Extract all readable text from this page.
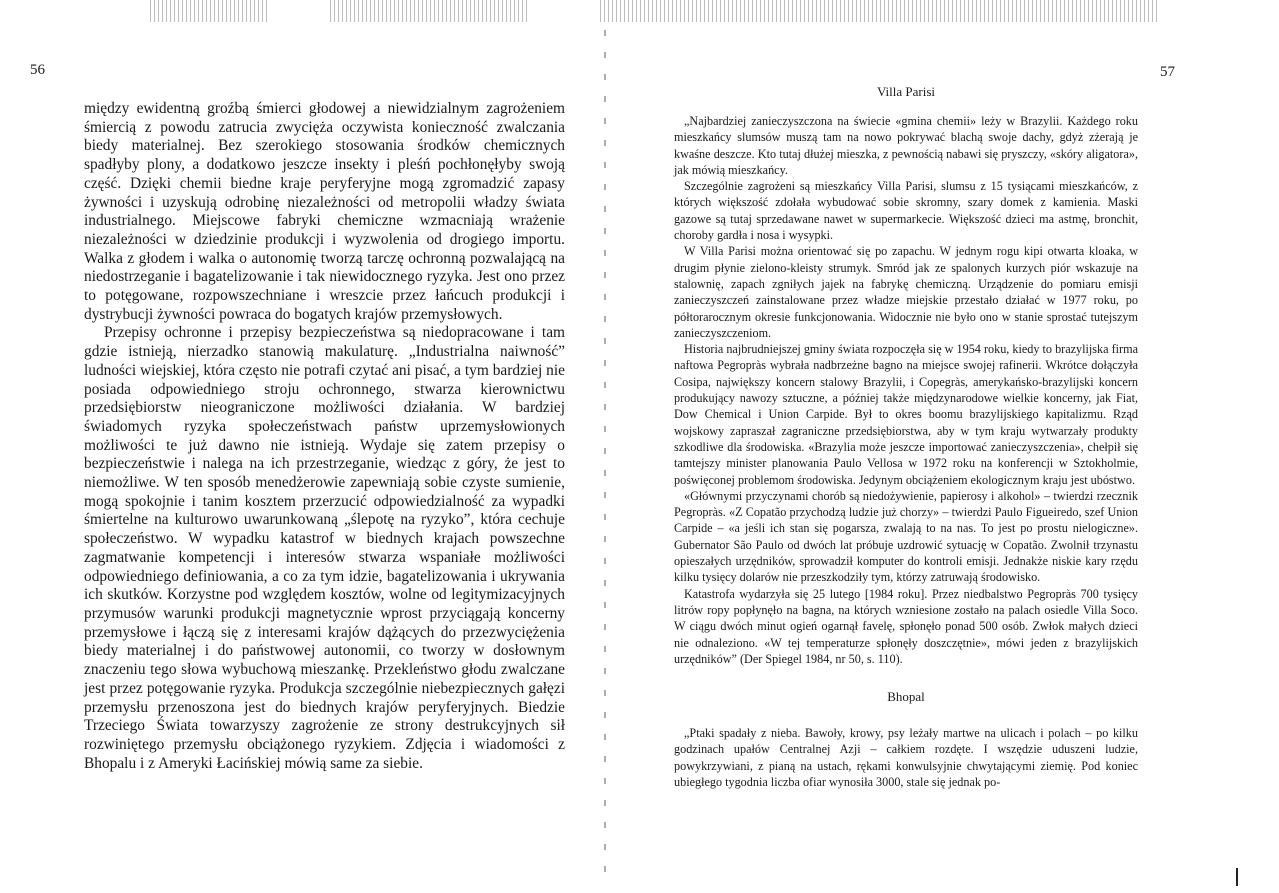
56	57

między ewidentną groźbą śmierci głodowej a niewidzialnym zagrożeniem śmiercią z powodu zatrucia zwycięża oczywista konieczność zwalczania biedy materialnej. Bez szerokiego stosowania środków chemicznych spadłyby plony, a dodatkowo jeszcze insekty i pleśń pochłonęłyby swoją część. Dzięki chemii biedne kraje peryferyjne mogą zgromadzić zapasy żywności i uzyskują odrobinę niezależności od metropolii władzy świata industrialnego. Miejscowe fabryki chemiczne wzmacniają wrażenie niezależności w dziedzinie produkcji i wyzwolenia od drogiego importu. Walka z głodem i walka o autonomię tworzą tarczę ochronną pozwalającą na niedostrzeganie i bagatelizowanie i tak niewidocznego ryzyka. Jest ono przez to potęgowane, rozpowszechniane i wreszcie przez łańcuch produkcji i dystrybucji żywności powraca do bogatych krajów przemysłowych.

Przepisy ochronne i przepisy bezpieczeństwa są niedopracowane i tam gdzie istnieją, nierzadko stanowią makulaturę. „Industrialna naiwność” ludności wiejskiej, która często nie potrafi czytać ani pisać, a tym bardziej nie posiada odpowiedniego stroju ochronnego, stwarza kierownictwu przedsiębiorstw nieograniczone możliwości działania. W bardziej świadomych ryzyka społeczeństwach państw uprzemysłowionych możliwości te już dawno nie istnieją. Wydaje się zatem przepisy o bezpieczeństwie i nalega na ich przestrzeganie, wiedząc z góry, że jest to niemożliwe. W ten sposób menedżerowie zapewniają sobie czyste sumienie, mogą spokojnie i tanim kosztem przerzucić odpowiedzialność za wypadki śmiertelne na kulturowo uwarunkowaną „ślepotę na ryzyko”, która cechuje społeczeństwo. W wypadku katastrof w biednych krajach powszechne zagmatwanie kompetencji i interesów stwarza wspaniałe możliwości odpowiedniego definiowania, a co za tym idzie, bagatelizowania i ukrywania ich skutków. Korzystne pod względem kosztów, wolne od legitymizacyjnych przymusów warunki produkcji magnetycznie wprost przyciągają koncerny przemysłowe i łączą się z interesami krajów dążących do przezwyciężenia biedy materialnej i do państwowej autonomii, co tworzy w dosłownym znaczeniu tego słowa wybuchową mieszankę. Przekleństwo głodu zwalczane jest przez potęgowanie ryzyka. Produkcja szczególnie niebezpiecznych gałęzi przemysłu przenoszona jest do biednych krajów peryferyjnych. Biedzie Trzeciego Świata towarzyszy zagrożenie ze strony destrukcyjnych sił rozwiniętego przemysłu obciążonego ryzykiem. Zdjęcia i wiadomości z Bhopalu i z Ameryki Łacińskiej mówią same za siebie.

Villa Parisi

„Najbardziej zanieczyszczona na świecie «gmina chemii» leży w Brazylii. Każdego roku mieszkańcy slumsów muszą tam na nowo pokrywać blachą swoje dachy, gdyż zżerają je kwaśne deszcze. Kto tutaj dłużej mieszka, z pewnością nabawi się pryszczy, «skóry aligatora», jak mówią mieszkańcy.

Szczególnie zagrożeni są mieszkańcy Villa Parisi, slumsu z 15 tysiącami mieszkańców, z których większość zdołała wybudować sobie skromny, szary domek z kamienia. Maski gazowe są tutaj sprzedawane nawet w supermarkecie. Większość dzieci ma astmę, bronchit, choroby gardła i nosa i wysypki.

W Villa Parisi można orientować się po zapachu. W jednym rogu kipi otwarta kloaka, w drugim płynie zielono-kleisty strumyk. Smród jak ze spalonych kurzych piór wskazuje na stalownię, zapach zgniłych jajek na fabrykę chemiczną. Urządzenie do pomiaru emisji zanieczyszczeń zainstalowane przez władze miejskie przestało działać w 1977 roku, po półtorarocznym okresie funkcjonowania. Widocznie nie było ono w stanie sprostać tutejszym zanieczyszczeniom.

Historia najbrudniejszej gminy świata rozpoczęła się w 1954 roku, kiedy to brazylijska firma naftowa Pegropràs wybrała nadbrzeżne bagno na miejsce swojej rafinerii. Wkrótce dołączyła Cosipa, największy koncern stalowy Brazylii, i Copegràs, amerykańsko-brazylijski koncern produkujący nawozy sztuczne, a później także międzynarodowe wielkie koncerny, jak Fiat, Dow Chemical i Union Carpide. Był to okres boomu brazylijskiego kapitalizmu. Rząd wojskowy zapraszał zagraniczne przedsiębiorstwa, aby w tym kraju wytwarzały produkty szkodliwe dla środowiska. «Brazylia może jeszcze importować zanieczyszczenia», chełpił się tamtejszy minister planowania Paulo Vellosa w 1972 roku na konferencji w Sztokholmie, poświęconej problemom środowiska. Jedynym obciążeniem ekologicznym kraju jest ubóstwo.

«Głównymi przyczynami chorób są niedożywienie, papierosy i alkohol» – twierdzi rzecznik Pegropràs. «Z Copatão przychodzą ludzie już chorzy» – twierdzi Paulo Figueiredo, szef Union Carpide – «a jeśli ich stan się pogarsza, zwalają to na nas. To jest po prostu nielogiczne». Gubernator São Paulo od dwóch lat próbuje uzdrowić sytuację w Copatão. Zwolnił trzynastu opieszałych urzędników, sprowadził komputer do kontroli emisji. Jednakże niskie kary rzędu kilku tysięcy dolarów nie przeszkodziły tym, którzy zatruwają środowisko.

Katastrofa wydarzyła się 25 lutego [1984 roku]. Przez niedbalstwo Pegropràs 700 tysięcy litrów ropy popłynęło na bagna, na których wzniesione zostało na palach osiedle Villa Soco. W ciągu dwóch minut ogień ogarnął favelę, spłonęło ponad 500 osób. Zwłok małych dzieci nie odnaleziono. «W tej temperaturze spłonęły doszczętnie», mówi jeden z brazylijskich urzędników” (Der Spiegel 1984, nr 50, s. 110).

Bhopal

„Ptaki spadały z nieba. Bawoły, krowy, psy leżały martwe na ulicach i polach – po kilku godzinach upałów Centralnej Azji – całkiem rozdęte. I wszędzie uduszeni ludzie, powykrzywiani, z pianą na ustach, rękami konwulsyjnie chwytającymi ziemię. Pod koniec ubiegłego tygodnia liczba ofiar wynosiła 3000, stale się jednak po-
